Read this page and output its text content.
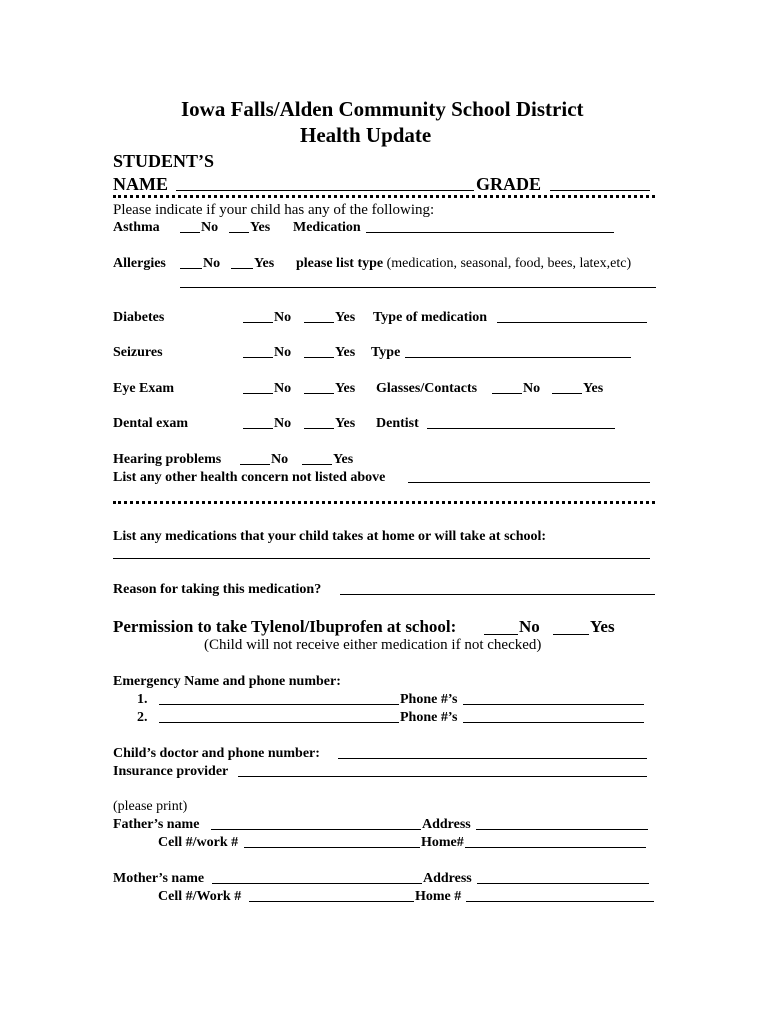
Iowa Falls/Alden Community School District
Health Update
STUDENT’S
NAME	GRADE
Please indicate if your child has any of the following:
Asthma	No Yes Medication
Allergies	No Yes please list type (medication, seasonal, food, bees, latex,etc)
Diabetes	No	Yes Type of medication
Seizures	No	Yes Type
Eye Exam	No	Yes Glasses/Contacts	No	Yes
Dental exam	No	Yes Dentist
Hearing problems	No	Yes
List any other health concern not listed above
List any medications that your child takes at home or will take at school:
Reason for taking this medication?
Permission to take Tylenol/Ibuprofen at school:	No	Yes
(Child will not receive either medication if not checked)
Emergency Name and phone number:
1.	Phone #’s
2.	Phone #’s
Child’s doctor and phone number:
Insurance provider
(please print)
Father’s name	Address
Cell #/work #	Home#
Mother’s name	Address
Cell #/Work #	Home #
